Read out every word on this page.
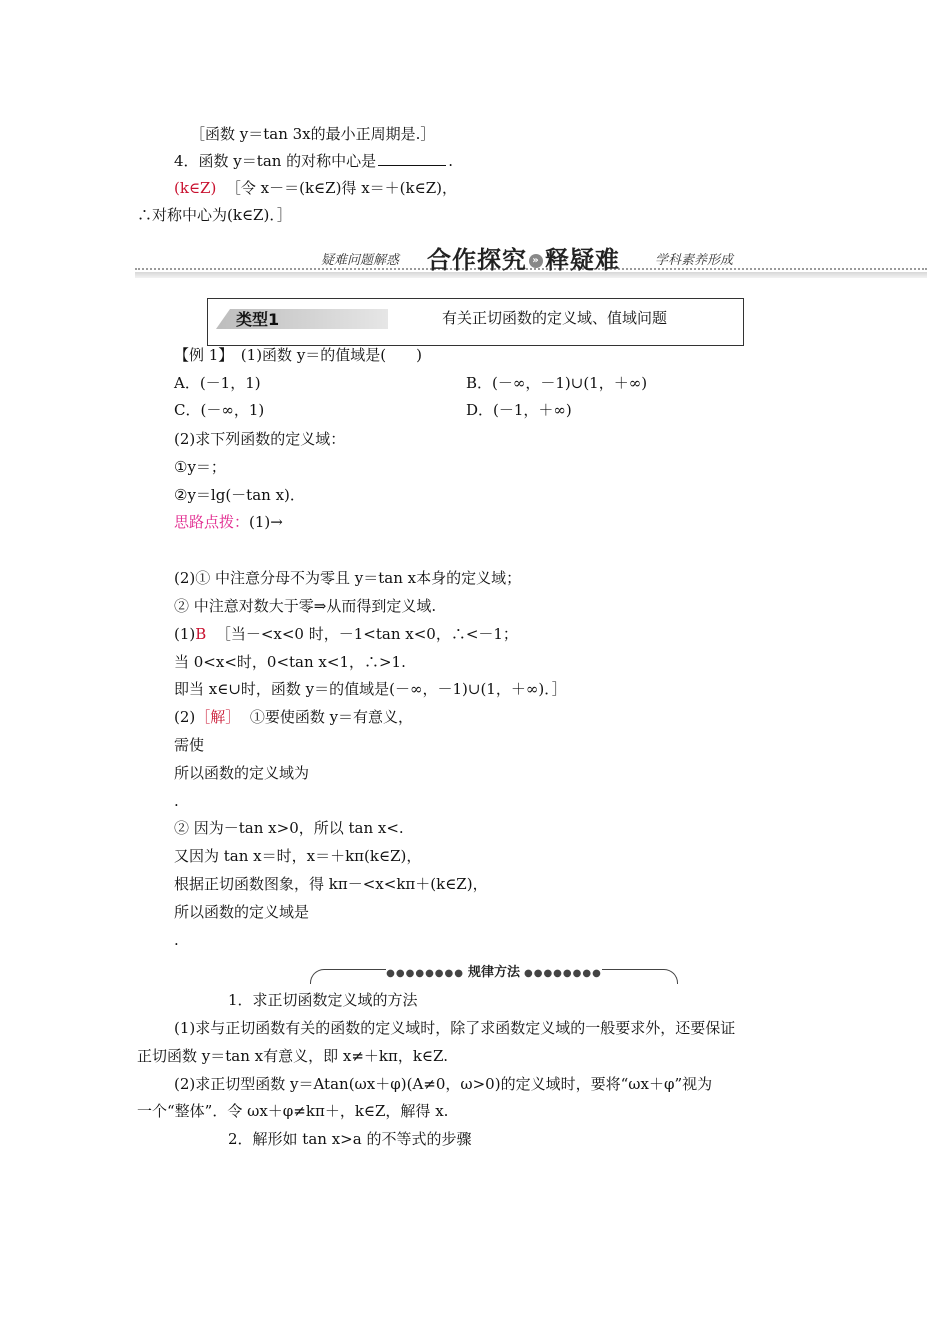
［函数 y＝tan 3x的最小正周期是.］
4．函数 y＝tan 的对称中心是	.
(k∈Z) ［令 x－＝(k∈Z)得 x＝＋(k∈Z)，
∴对称中心为(k∈Z)．］
疑难问题解惑 合作探究 » 释疑难	学科素养形成
类型1	有关正切函数的定义域、值域问题
【例 1】　(1)函数 y＝的值域是(　　)
A．(－1，1)	B．(－∞，－1)∪(1，＋∞)
C．(－∞，1)	D．(－1，＋∞)
(2)求下列函数的定义域：
①y＝；
②y＝lg(－tan x)．
思路点拨：(1)→
(2)① 中注意分母不为零且 y＝tan x本身的定义域；
② 中注意对数大于零⇒从而得到定义域.
(1)B ［当－<x<0 时，－1<tan x<0，∴<－1；
当 0<x<时，0<tan x<1，∴>1.
即当 x∈∪时，函数 y＝的值域是(－∞，－1)∪(1，＋∞)．］
(2)［解］ ①要使函数 y＝有意义，
需使
所以函数的定义域为
.
② 因为－tan x>0，所以 tan x<.
又因为 tan x＝时，x＝＋kπ(k∈Z)，
根据正切函数图象，得 kπ－<x<kπ＋(k∈Z)，
所以函数的定义域是
.
●●●●●●●● 规律方法 ●●●●●●●●
1．求正切函数定义域的方法
(1)求与正切函数有关的函数的定义域时，除了求函数定义域的一般要求外，还要保证
正切函数 y＝tan x有意义，即 x≠＋kπ，k∈Z.
(2)求正切型函数 y＝Atan(ωx＋φ)(A≠0，ω>0)的定义域时，要将“ωx＋φ”视为
一个“整体”．令 ωx＋φ≠kπ＋，k∈Z，解得 x.
2．解形如 tan x>a 的不等式的步骤
